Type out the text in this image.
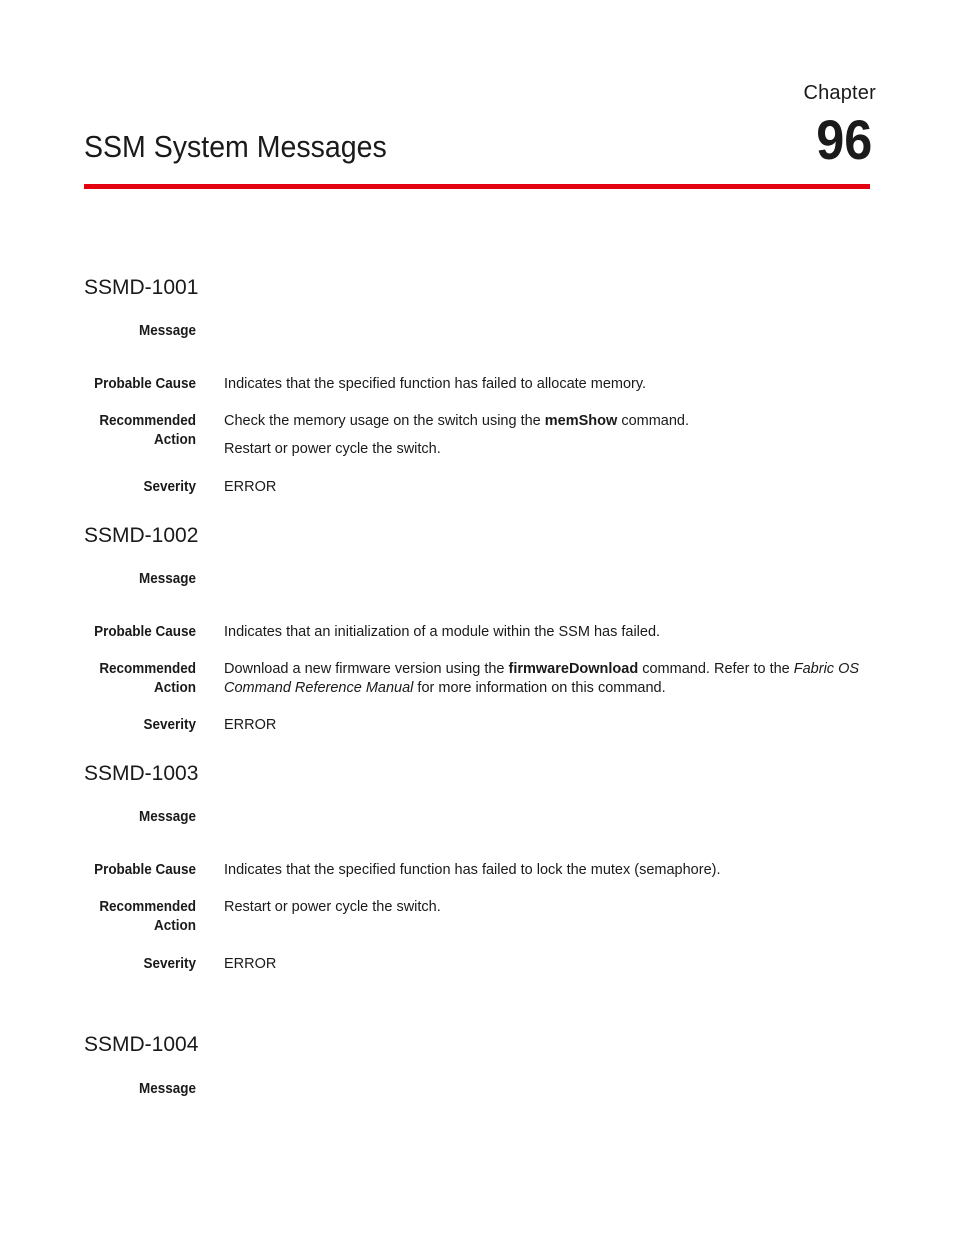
Chapter
96
SSM System Messages
SSMD-1001
Message
Probable Cause Indicates that the specified function has failed to allocate memory.
Recommended
Action
Check the memory usage on the switch using the memShow command.
Restart or power cycle the switch.
Severity ERROR
SSMD-1002
Message
Probable Cause Indicates that an initialization of a module within the SSM has failed.
Recommended
Action
Download a new firmware version using the firmwareDownload command. Refer to the Fabric OS
Command Reference Manual for more information on this command.
Severity ERROR
SSMD-1003
Message
Probable Cause Indicates that the specified function has failed to lock the mutex (semaphore).
Recommended
Action
Restart or power cycle the switch.
Severity ERROR
SSMD-1004
Message
